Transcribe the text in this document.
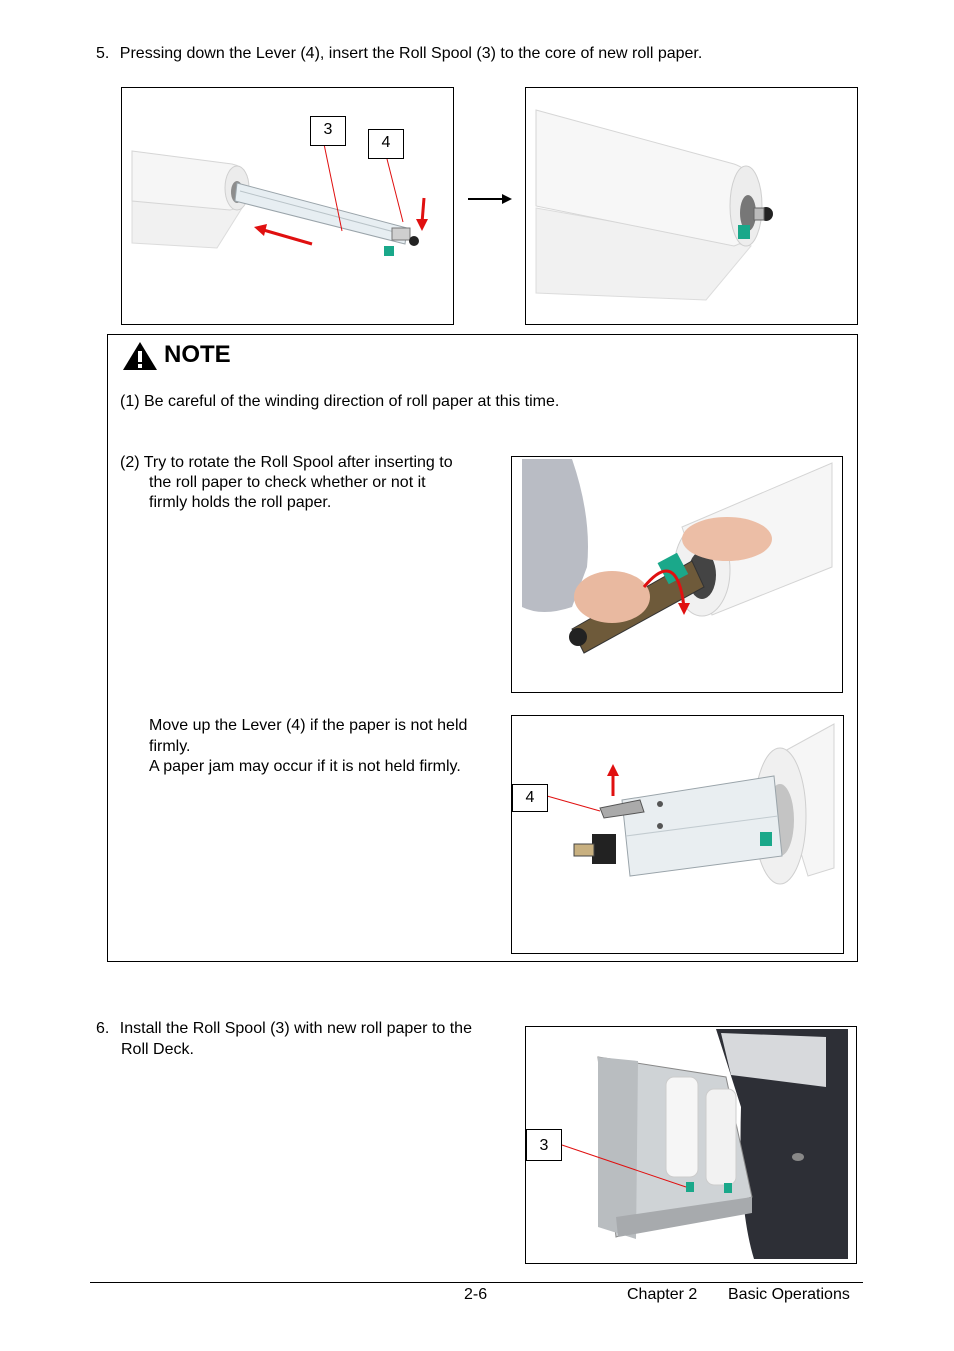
5. Pressing down the Lever (4), insert the Roll Spool (3) to the core of new roll paper.
3
4
NOTE
(1) Be careful of the winding direction of roll paper at this time.
(2) Try to rotate the Roll Spool after inserting to
the roll paper to check whether or not it
firmly holds the roll paper.
Move up the Lever (4) if the paper is not held
firmly.
A paper jam may occur if it is not held firmly.
4
6. Install the Roll Spool (3) with new roll paper to the
Roll Deck.
3
2-6	Chapter 2 Basic Operations
